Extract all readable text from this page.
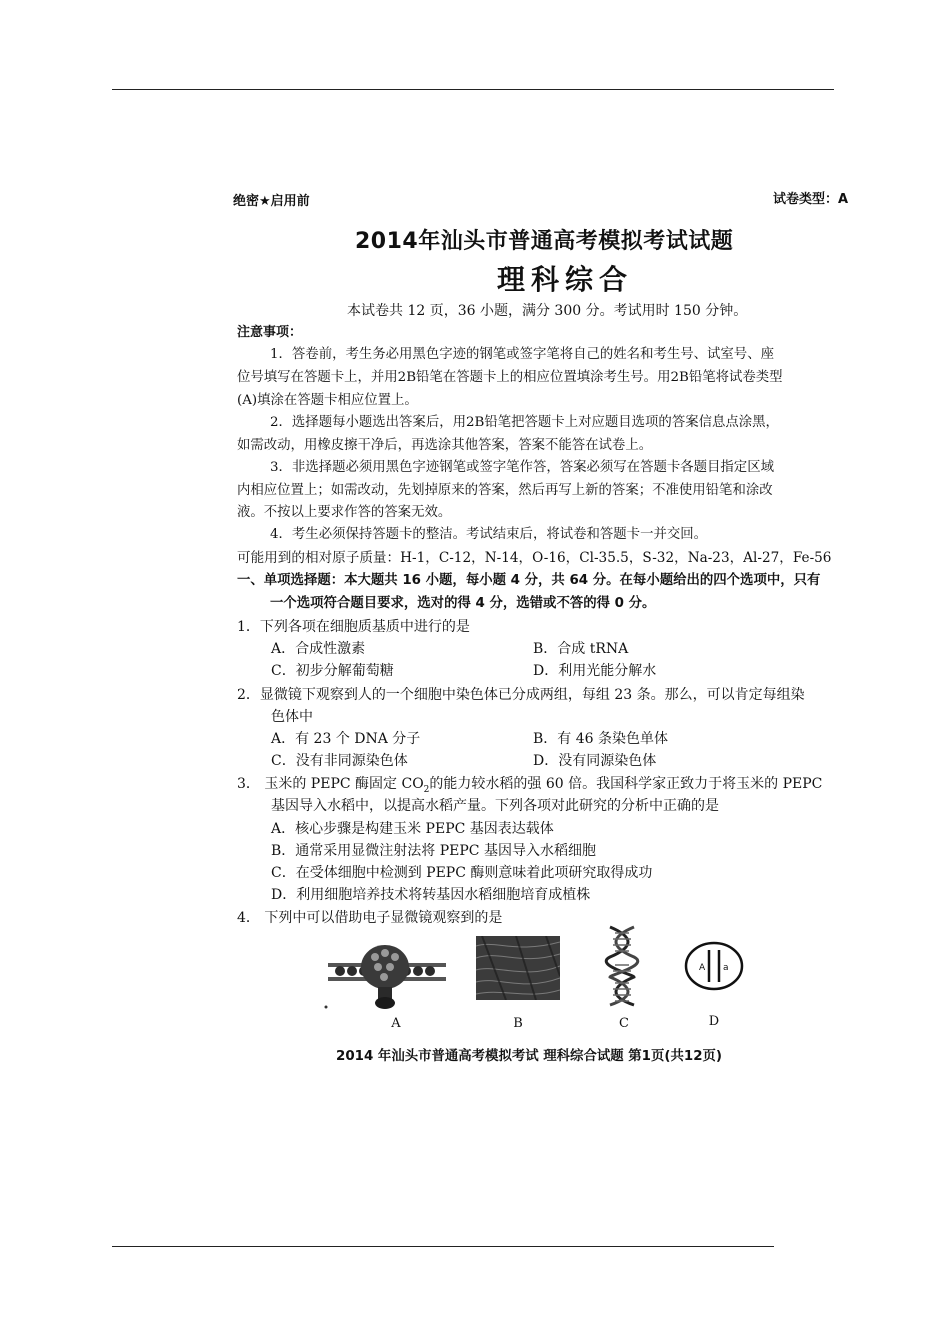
绝密★启用前	试卷类型：A
2014年汕头市普通高考模拟考试试题
理科综合
本试卷共 12 页，36 小题，满分 300 分。考试用时 150 分钟。
注意事项：
1．答卷前，考生务必用黑色字迹的钢笔或签字笔将自己的姓名和考生号、试室号、座
位号填写在答题卡上，并用2B铅笔在答题卡上的相应位置填涂考生号。用2B铅笔将试卷类型
(A)填涂在答题卡相应位置上。
2．选择题每小题选出答案后，用2B铅笔把答题卡上对应题目选项的答案信息点涂黑，
如需改动，用橡皮擦干净后，再选涂其他答案，答案不能答在试卷上。
3．非选择题必须用黑色字迹钢笔或签字笔作答，答案必须写在答题卡各题目指定区域
内相应位置上；如需改动，先划掉原来的答案，然后再写上新的答案；不准使用铅笔和涂改
液。不按以上要求作答的答案无效。
4．考生必须保持答题卡的整洁。考试结束后，将试卷和答题卡一并交回。
可能用到的相对原子质量：H-1，C-12，N-14，O-16，Cl-35.5，S-32，Na-23，Al-27，Fe-56
一、单项选择题：本大题共 16 小题，每小题 4 分，共 64 分。在每小题给出的四个选项中，只有
一个选项符合题目要求，选对的得 4 分，选错或不答的得 0 分。
1．下列各项在细胞质基质中进行的是
A．合成性激素	B．合成 tRNA
C．初步分解葡萄糖	D．利用光能分解水
2．显微镜下观察到人的一个细胞中染色体已分成两组，每组 23 条。那么，可以肯定每组染
色体中
A．有 23 个 DNA 分子	B．有 46 条染色单体
C．没有非同源染色体	D．没有同源染色体
3． 玉米的 PEPC 酶固定 $CO_2$的能力较水稻的强 60 倍。我国科学家正致力于将玉米的 PEPC
基因导入水稻中，以提高水稻产量。下列各项对此研究的分析中正确的是
A．核心步骤是构建玉米 PEPC 基因表达载体
B．通常采用显微注射法将 PEPC 基因导入水稻细胞
C．在受体细胞中检测到 PEPC 酶则意味着此项研究取得成功
D．利用细胞培养技术将转基因水稻细胞培育成植株
4． 下列中可以借助电子显微镜观察到的是
A	B	C
A a
D
2014 年汕头市普通高考模拟考试 理科综合试题 第1页(共12页)
